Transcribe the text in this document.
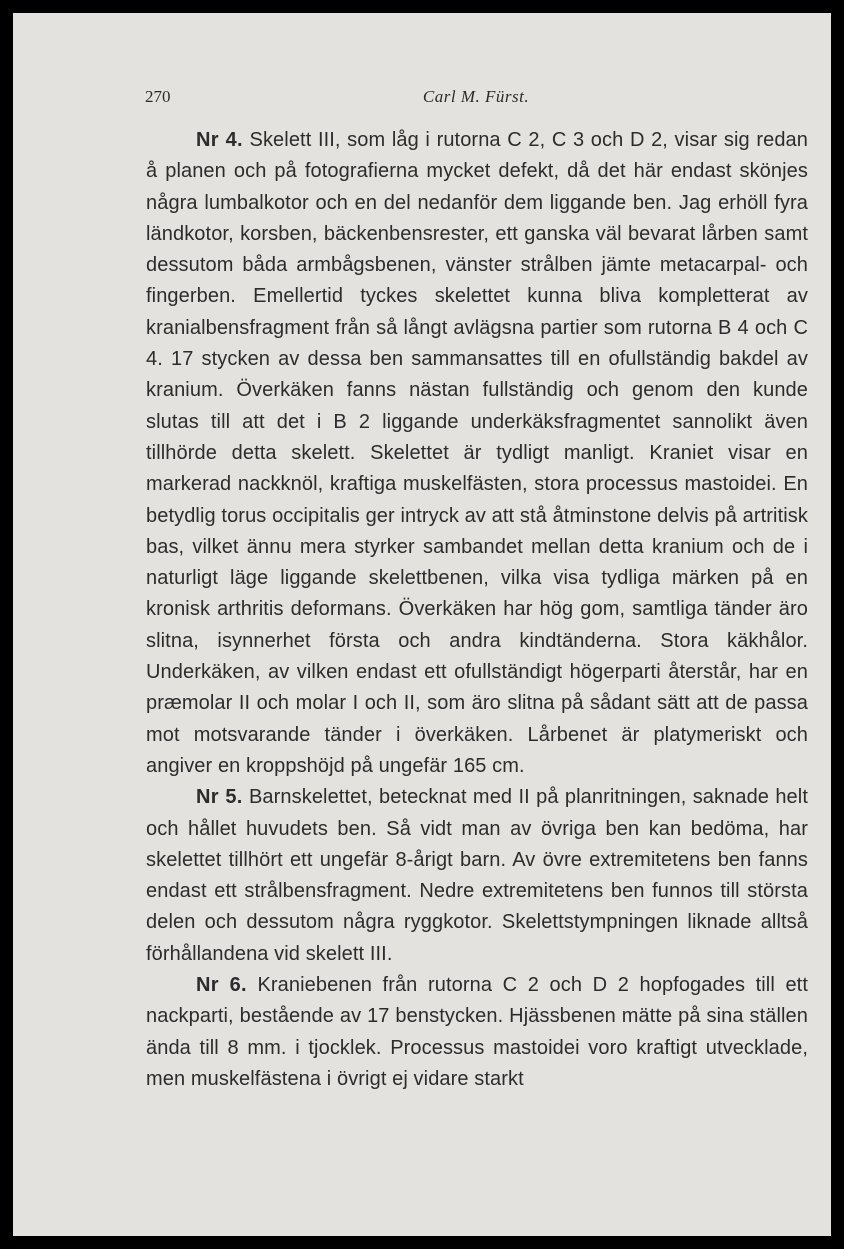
270	Carl M. Fürst.

Nr 4. Skelett III, som låg i rutorna C 2, C 3 och D 2, visar sig redan å planen och på fotografierna mycket defekt, då det här endast skönjes några lumbalkotor och en del nedanför dem liggande ben. Jag erhöll fyra ländkotor, korsben, bäckenbensrester, ett ganska väl bevarat lårben samt dessutom båda armbågsbenen, vänster strålben jämte metacarpal- och fingerben. Emellertid tyckes skelettet kunna bliva kompletterat av kranialbensfragment från så långt avlägsna partier som rutorna B 4 och C 4. 17 stycken av dessa ben sammansattes till en ofullständig bakdel av kranium. Överkäken fanns nästan fullständig och genom den kunde slutas till att det i B 2 liggande underkäksfragmentet sannolikt även tillhörde detta skelett. Skelettet är tydligt manligt. Kraniet visar en markerad nackknöl, kraftiga muskelfästen, stora processus mastoidei. En betydlig torus occipitalis ger intryck av att stå åtminstone delvis på artritisk bas, vilket ännu mera styrker sambandet mellan detta kranium och de i naturligt läge liggande skelettbenen, vilka visa tydliga märken på en kronisk arthritis deformans. Överkäken har hög gom, samtliga tänder äro slitna, isynnerhet första och andra kindtänderna. Stora käkhålor. Underkäken, av vilken endast ett ofullständigt högerparti återstår, har en præmolar II och molar I och II, som äro slitna på sådant sätt att de passa mot motsvarande tänder i överkäken. Lårbenet är platymeriskt och angiver en kroppshöjd på ungefär 165 cm.

Nr 5. Barnskelettet, betecknat med II på planritningen, saknade helt och hållet huvudets ben. Så vidt man av övriga ben kan bedöma, har skelettet tillhört ett ungefär 8-årigt barn. Av övre extremitetens ben fanns endast ett strålbensfragment. Nedre extremitetens ben funnos till största delen och dessutom några ryggkotor. Skelettstympningen liknade alltså förhållandena vid skelett III.

Nr 6. Kraniebenen från rutorna C 2 och D 2 hopfogades till ett nackparti, bestående av 17 benstycken. Hjässbenen mätte på sina ställen ända till 8 mm. i tjocklek. Processus mastoidei voro kraftigt utvecklade, men muskelfästena i övrigt ej vidare starkt
